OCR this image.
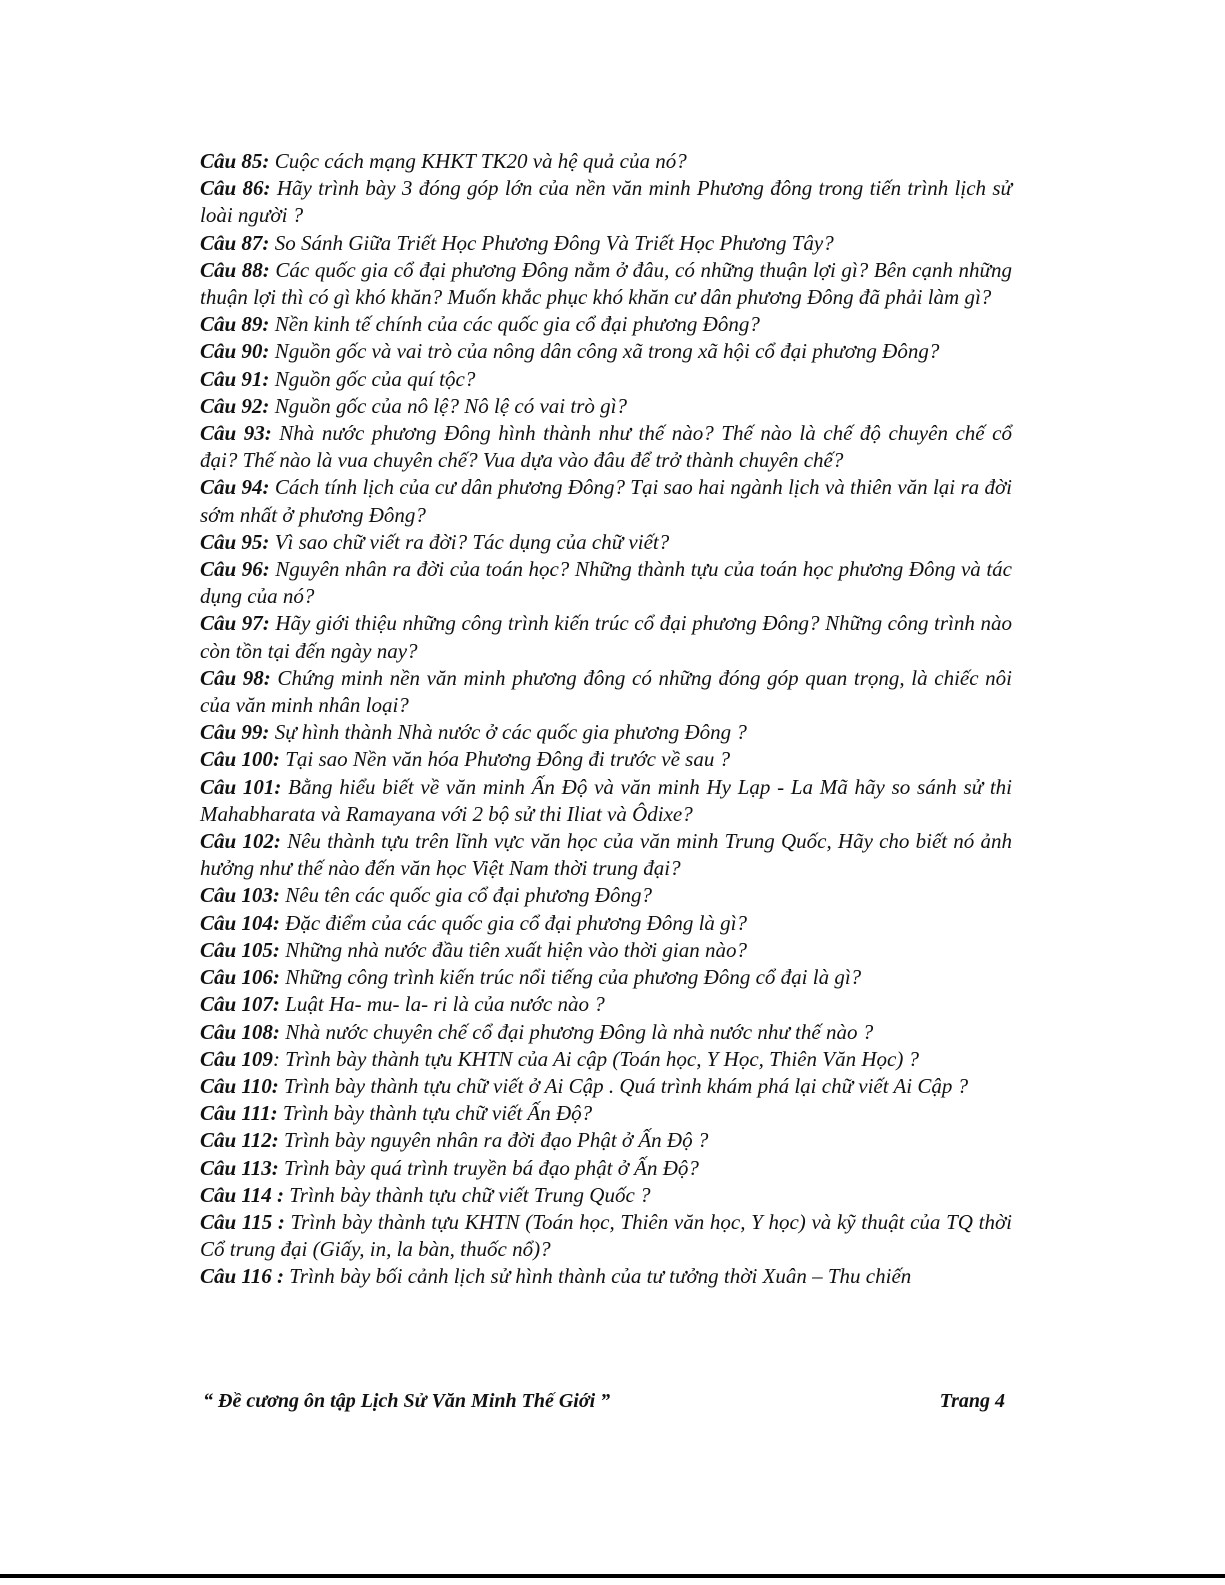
Câu 85: Cuộc cách mạng KHKT TK20 và hệ quả của nó?

Câu 86: Hãy trình bày 3 đóng góp lớn của nền văn minh Phương đông trong tiến trình lịch sử loài người ?

Câu 87: So Sánh Giữa Triết Học Phương Đông Và Triết Học Phương Tây?

Câu 88: Các quốc gia cổ đại phương Đông nằm ở đâu, có những thuận lợi gì? Bên cạnh những thuận lợi thì có gì khó khăn? Muốn khắc phục khó khăn cư dân phương Đông đã phải làm gì?

Câu 89: Nền kinh tế chính của các quốc gia cổ đại phương Đông?

Câu 90: Nguồn gốc và vai trò của nông dân công xã trong xã hội cổ đại phương Đông?

Câu 91: Nguồn gốc của quí tộc?

Câu 92: Nguồn gốc của nô lệ? Nô lệ có vai trò gì?

Câu 93: Nhà nước phương Đông hình thành như thế nào? Thế nào là chế độ chuyên chế cổ đại? Thế nào là vua chuyên chế? Vua dựa vào đâu để trở thành chuyên chế?

Câu 94: Cách tính lịch của cư dân phương Đông? Tại sao hai ngành lịch và thiên văn lại ra đời sớm nhất ở phương Đông?

Câu 95: Vì sao chữ viết ra đời? Tác dụng của chữ viết?

Câu 96: Nguyên nhân ra đời của toán học? Những thành tựu của toán học phương Đông và tác dụng của nó?

Câu 97: Hãy giới thiệu những công trình kiến trúc cổ đại phương Đông? Những công trình nào còn tồn tại đến ngày nay?

Câu 98: Chứng minh nền văn minh phương đông có những đóng góp quan trọng, là chiếc nôi của văn minh nhân loại?

Câu 99: Sự hình thành Nhà nước ở các quốc gia phương Đông ?

Câu 100: Tại sao Nền văn hóa Phương Đông đi trước về sau ?

Câu 101: Bằng hiểu biết về văn minh Ấn Độ và văn minh Hy Lạp - La Mã hãy so sánh sử thi Mahabharata và Ramayana với 2 bộ sử thi Iliat và Ôdixe?

Câu 102: Nêu thành tựu trên lĩnh vực văn học của văn minh Trung Quốc, Hãy cho biết nó ảnh hưởng như thế nào đến văn học Việt Nam thời trung đại?

Câu 103: Nêu tên các quốc gia cổ đại phương Đông?

Câu 104: Đặc điểm của các quốc gia cổ đại phương Đông là gì?

Câu 105: Những nhà nước đầu tiên xuất hiện vào thời gian nào?

Câu 106: Những công trình kiến trúc nổi tiếng của phương Đông cổ đại là gì?

Câu 107: Luật Ha- mu- la- ri là của nước nào ?

Câu 108: Nhà nước chuyên chế cổ đại phương Đông là nhà nước như thế nào ?

Câu 109: Trình bày thành tựu KHTN của Ai cập (Toán học, Y Học, Thiên Văn Học) ?

Câu 110: Trình bày thành tựu chữ viết ở Ai Cập . Quá trình khám phá lại chữ viết Ai Cập ?

Câu 111: Trình bày thành tựu chữ viết Ấn Độ?

Câu 112: Trình bày nguyên nhân ra đời đạo Phật ở Ấn Độ ?

Câu 113: Trình bày quá trình truyền bá đạo phật ở Ấn Độ?

Câu 114 : Trình bày thành tựu chữ viết Trung Quốc ?

Câu 115 : Trình bày thành tựu KHTN (Toán học, Thiên văn học, Y học) và kỹ thuật của TQ thời Cổ trung đại (Giấy, in, la bàn, thuốc nổ)?

Câu 116 : Trình bày bối cảnh lịch sử hình thành của tư tưởng thời Xuân – Thu chiến

“ Đề cương ôn tập Lịch Sử Văn Minh Thế Giới ”	Trang 4
